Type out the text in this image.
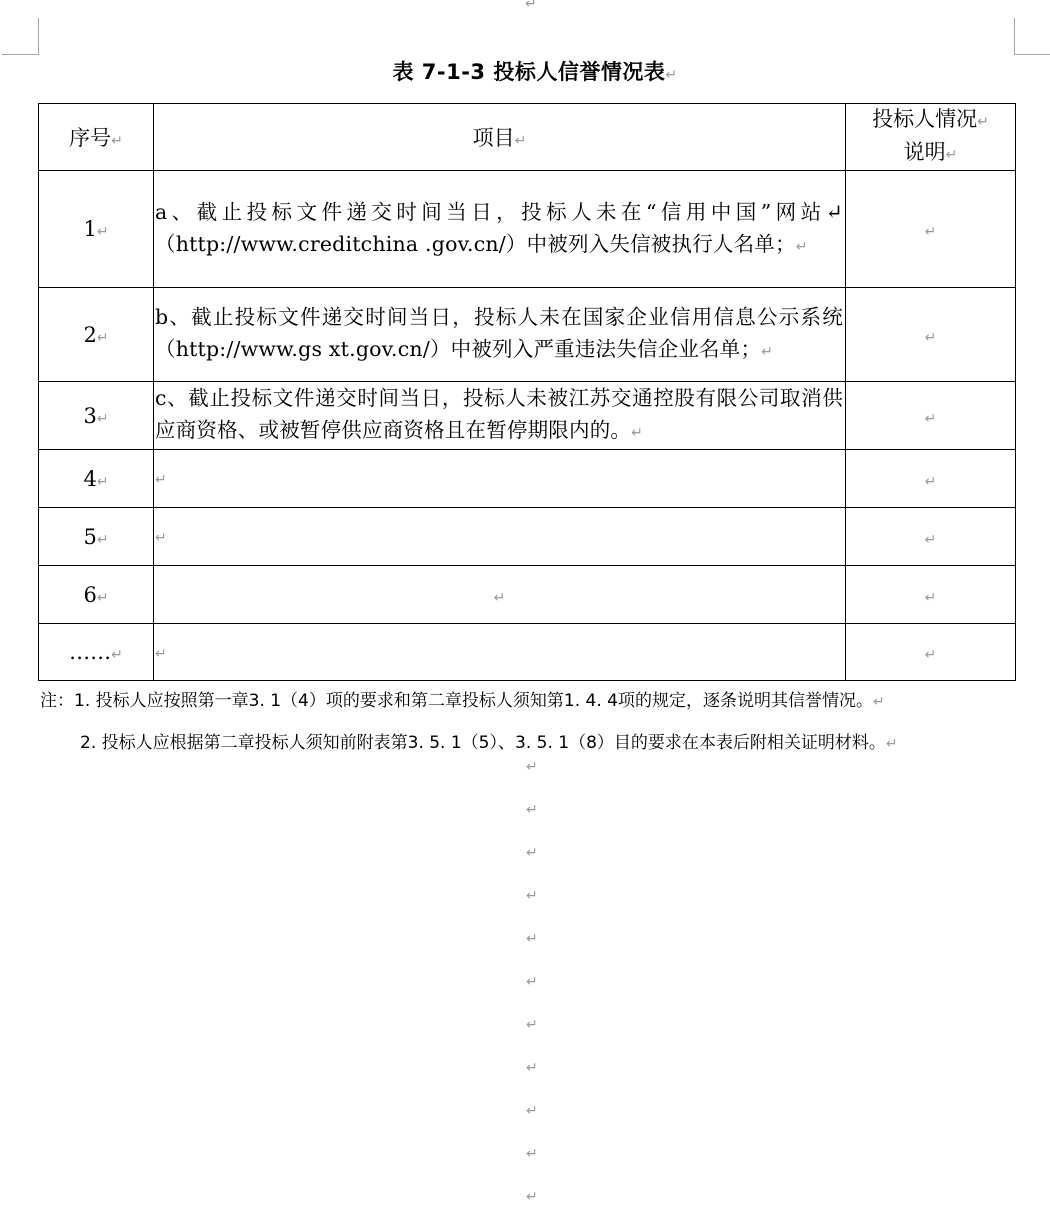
↵
表 7-1-3 投标人信誉情况表↵
序号↵	项目↵	投标人情况↵
说明↵
1↵	a、截止投标文件递交时间当日，投标人未在“信用中国”网站↵（http://www.creditchina .gov.cn/）中被列入失信被执行人名单；↵	↵
2↵	b、截止投标文件递交时间当日，投标人未在国家企业信用信息公示系统（http://www.gs xt.gov.cn/）中被列入严重违法失信企业名单；↵	↵
3↵	c、截止投标文件递交时间当日，投标人未被江苏交通控股有限公司取消供应商资格、或被暂停供应商资格且在暂停期限内的。↵	↵
4↵	↵	↵
5↵	↵	↵
6↵	↵	↵
……↵	↵	↵
注：1. 投标人应按照第一章3. 1（4）项的要求和第二章投标人须知第1. 4. 4项的规定，逐条说明其信誉情况。↵
2. 投标人应根据第二章投标人须知前附表第3. 5. 1（5）、3. 5. 1（8）目的要求在本表后附相关证明材料。↵
↵
↵
↵
↵
↵
↵
↵
↵
↵
↵
↵
